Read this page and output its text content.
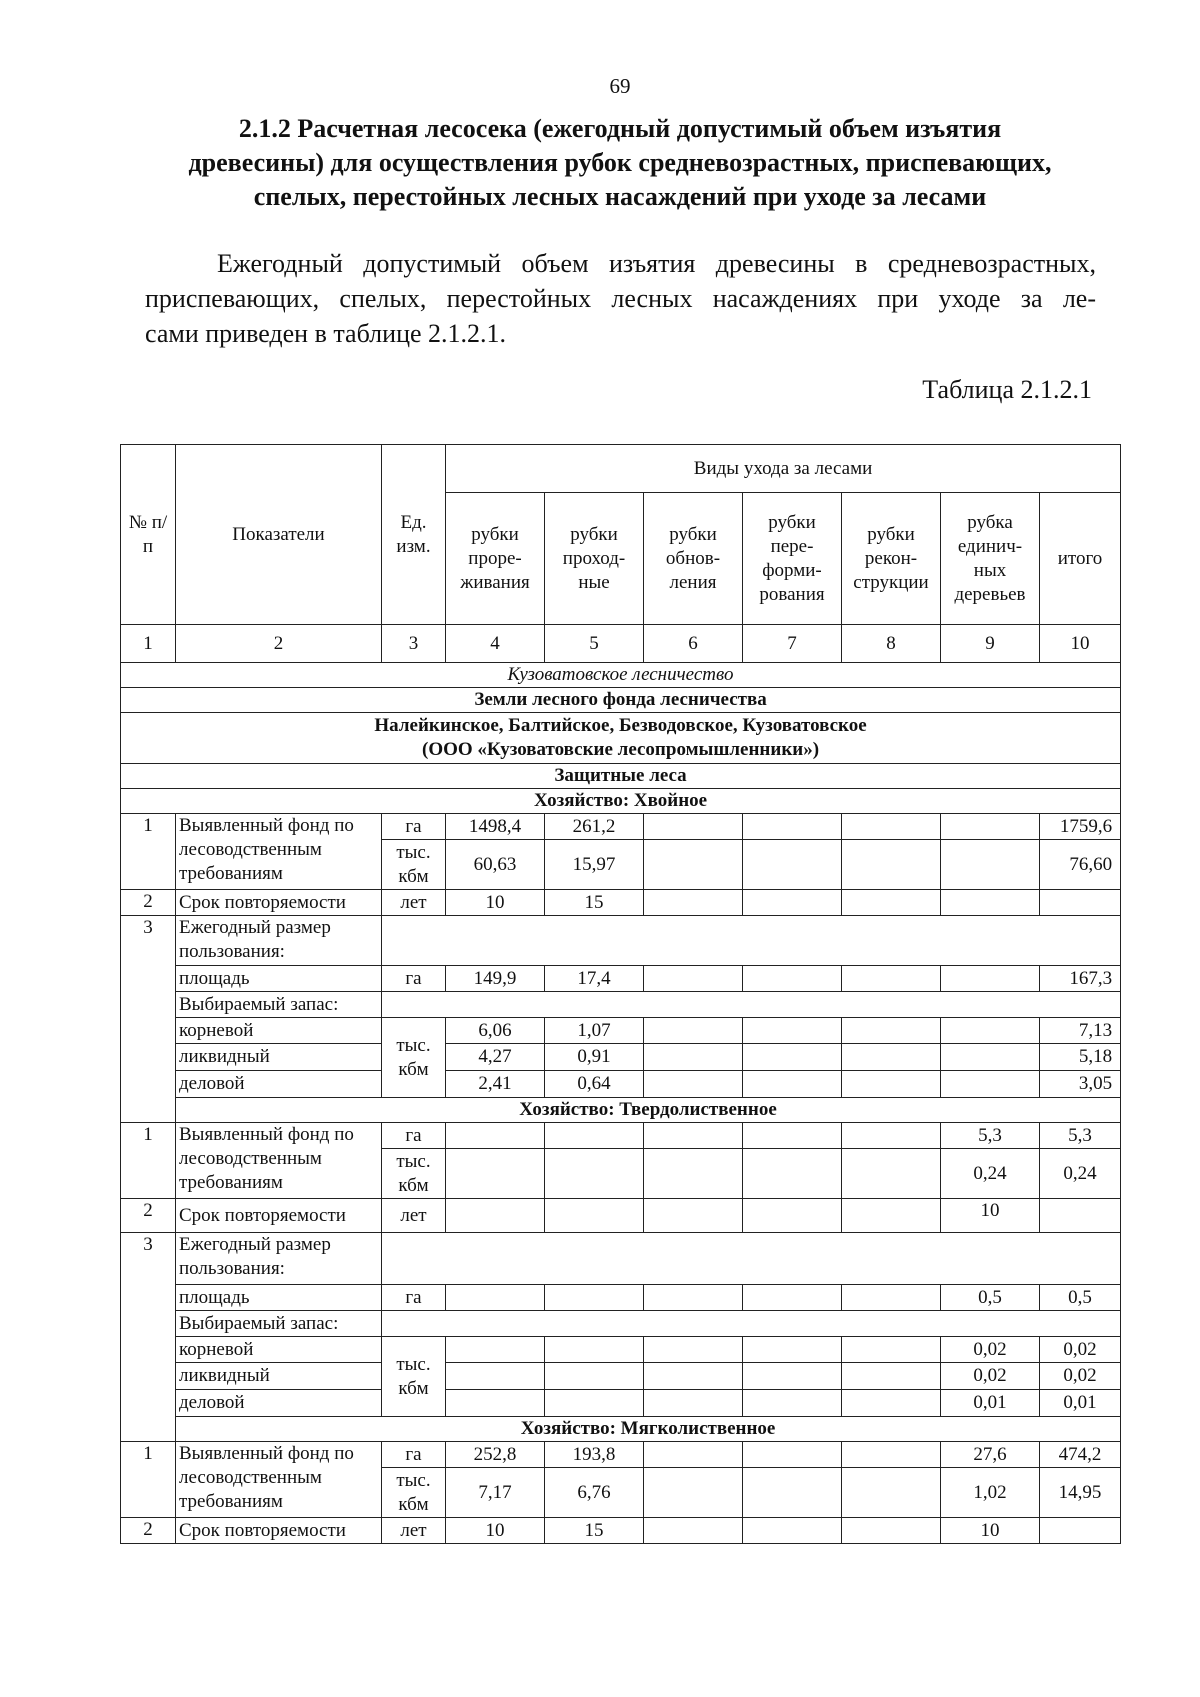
69
2.1.2 Расчетная лесосека (ежегодный допустимый объем изъятия
древесины) для осуществления рубок средневозрастных, приспевающих,
спелых, перестойных лесных насаждений при уходе за лесами
Ежегодный допустимый объем изъятия древесины в средневозрастных,
приспевающих, спелых, перестойных лесных насаждениях при уходе за ле-
сами приведен в таблице 2.1.2.1.
Таблица 2.1.2.1
№ п/п	Показатели	Ед. изм.	Виды ухода за лесами						
			рубки прорe-живания	рубки проход-ные	рубки обнов-ления	рубки пере-форми-рования	рубки рекон-струкции	рубка единич-ных деревьев	итого
1	2	3	4	5	6	7	8	9	10
Кузоватовское лесничество									
Земли лесного фонда лесничества									

Налейкинское, Балтийское, Безводовское, Кузоватовское
(ООО «Кузоватовские лесопромышленники»)									

Защитные леса									
Хозяйство: Хвойное									
1	Выявленный фонд по лесоводственным требованиям	га	1498,4	261,2					1759,6
		тыс. кбм	60,63	15,97					76,60
2	Срок повторяемости	лет	10	15					
3	Ежегодный размер пользования:								
	площадь	га	149,9	17,4					167,3
	Выбираемый запас:								
	корневой	тыс. кбм	6,06	1,07					7,13
	ликвидный		4,27	0,91					5,18
	деловой		2,41	0,64					3,05
	Хозяйство: Твердолиственное								
1	Выявленный фонд по лесоводственным требованиям	га						5,3	5,3
		тыс. кбм						0,24	0,24
2	Срок повторяемости	лет						10	
3	Ежегодный размер пользования:								
	площадь	га						0,5	0,5
	Выбираемый запас:								
	корневой	тыс. кбм						0,02	0,02
	ликвидный							0,02	0,02
	деловой							0,01	0,01
	Хозяйство: Мягколиственное								
1	Выявленный фонд по лесоводственным требованиям	га	252,8	193,8				27,6	474,2
		тыс. кбм	7,17	6,76				1,02	14,95
2	Срок повторяемости	лет	10	15				10	
